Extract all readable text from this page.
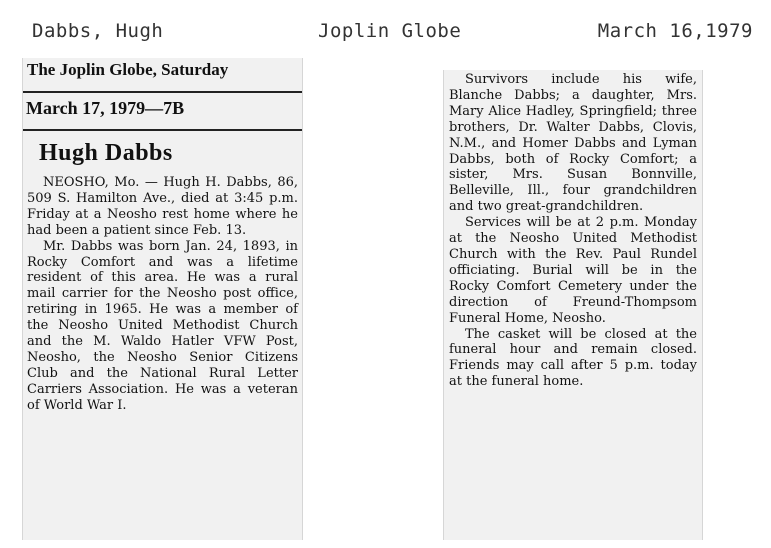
Dabbs, Hugh	Joplin Globe	March 16,1979
The Joplin Globe, Saturday
March 17, 1979—7B
Hugh Dabbs

NEOSHO, Mo. — Hugh H. Dabbs, 86, 509 S. Hamilton Ave., died at 3:45 p.m. Friday at a Neosho rest home where he had been a patient since Feb. 13.

Mr. Dabbs was born Jan. 24, 1893, in Rocky Comfort and was a lifetime resident of this area. He was a rural mail carrier for the Neosho post office, retiring in 1965. He was a member of the Neosho United Methodist Church and the M. Waldo Hatler VFW Post, Neosho, the Neosho Senior Citizens Club and the National Rural Letter Carriers Association. He was a veteran of World War I.

Survivors include his wife, Blanche Dabbs; a daughter, Mrs. Mary Alice Hadley, Springfield; three brothers, Dr. Walter Dabbs, Clovis, N.M., and Homer Dabbs and Lyman Dabbs, both of Rocky Comfort; a sister, Mrs. Susan Bonnville, Belleville, Ill., four grandchildren and two great-grandchildren.

Services will be at 2 p.m. Monday at the Neosho United Methodist Church with the Rev. Paul Rundel officiating. Burial will be in the Rocky Comfort Cemetery under the direction of Freund-Thompsom Funeral Home, Neosho.

The casket will be closed at the funeral hour and remain closed. Friends may call after 5 p.m. today at the funeral home.
